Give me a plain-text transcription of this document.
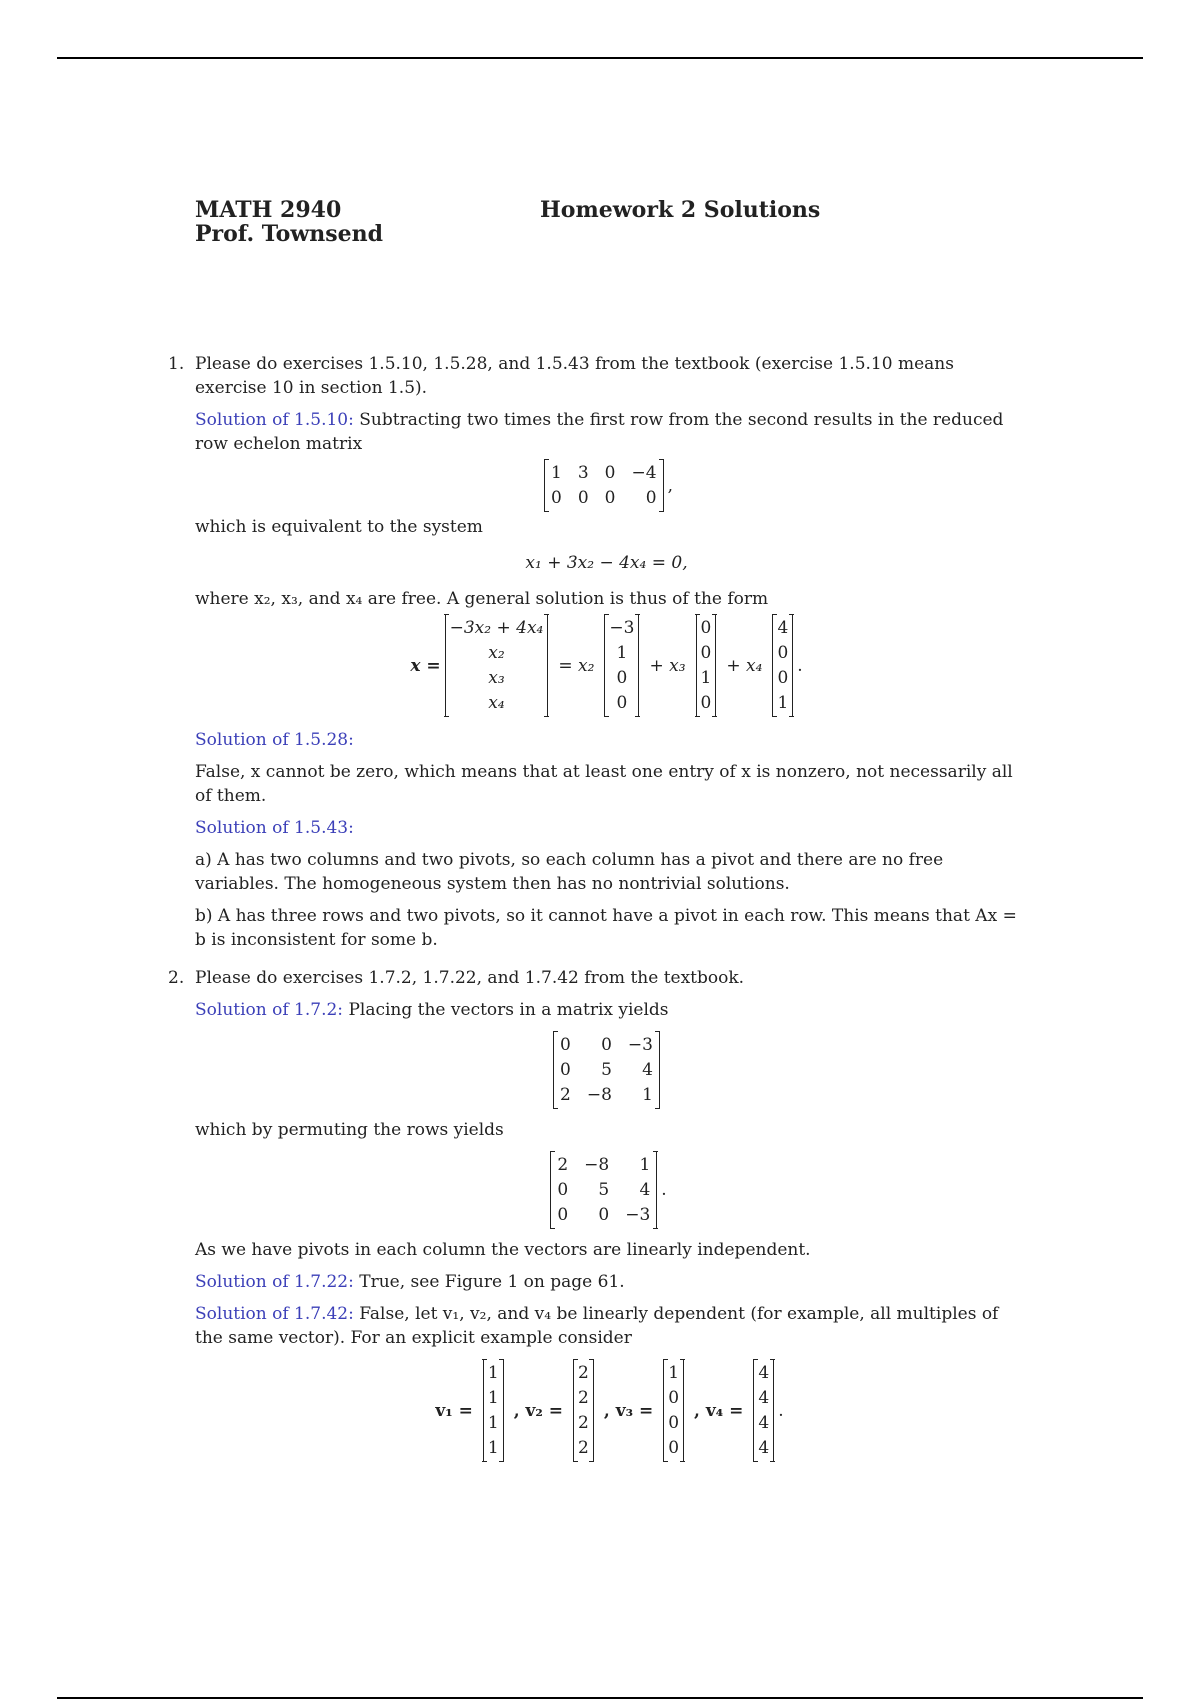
MATH 2940
Prof. Townsend
Homework 2 Solutions
1. Please do exercises 1.5.10, 1.5.28, and 1.5.43 from the textbook (exercise 1.5.10 means exercise 10 in section 1.5).

Solution of 1.5.10: Subtracting two times the first row from the second results in the reduced row echelon matrix

1 3 0 −4
0 0 0	0
,

which is equivalent to the system

x₁ + 3x₂ − 4x₄ = 0,

where x₂, x₃, and x₄ are free. A general solution is thus of the form

x =
−3x₂ + 4x₄
x₂
x₃
x₄
= x₂
−3
1
0
0
+ x₃
0
0
1
0
+ x₄
4
0
0
1
.

Solution of 1.5.28:

False, x cannot be zero, which means that at least one entry of x is nonzero, not necessarily all of them.

Solution of 1.5.43:

a) A has two columns and two pivots, so each column has a pivot and there are no free variables. The homogeneous system then has no nontrivial solutions.

b) A has three rows and two pivots, so it cannot have a pivot in each row. This means that Ax = b is inconsistent for some b.

2. Please do exercises 1.7.2, 1.7.22, and 1.7.42 from the textbook.

Solution of 1.7.2: Placing the vectors in a matrix yields

0	0 −3
0	5	4
2 −8	1

which by permuting the rows yields

2 −8	1
0	5	4
0	0 −3
.

As we have pivots in each column the vectors are linearly independent.

Solution of 1.7.22: True, see Figure 1 on page 61.

Solution of 1.7.42: False, let v₁, v₂, and v₄ be linearly dependent (for example, all multiples of the same vector). For an explicit example consider

v₁ =
1
1
1
1
, v₂ =
2
2
2
2
, v₃ =
1
0
0
0
, v₄ =
4
4
4
4
.
